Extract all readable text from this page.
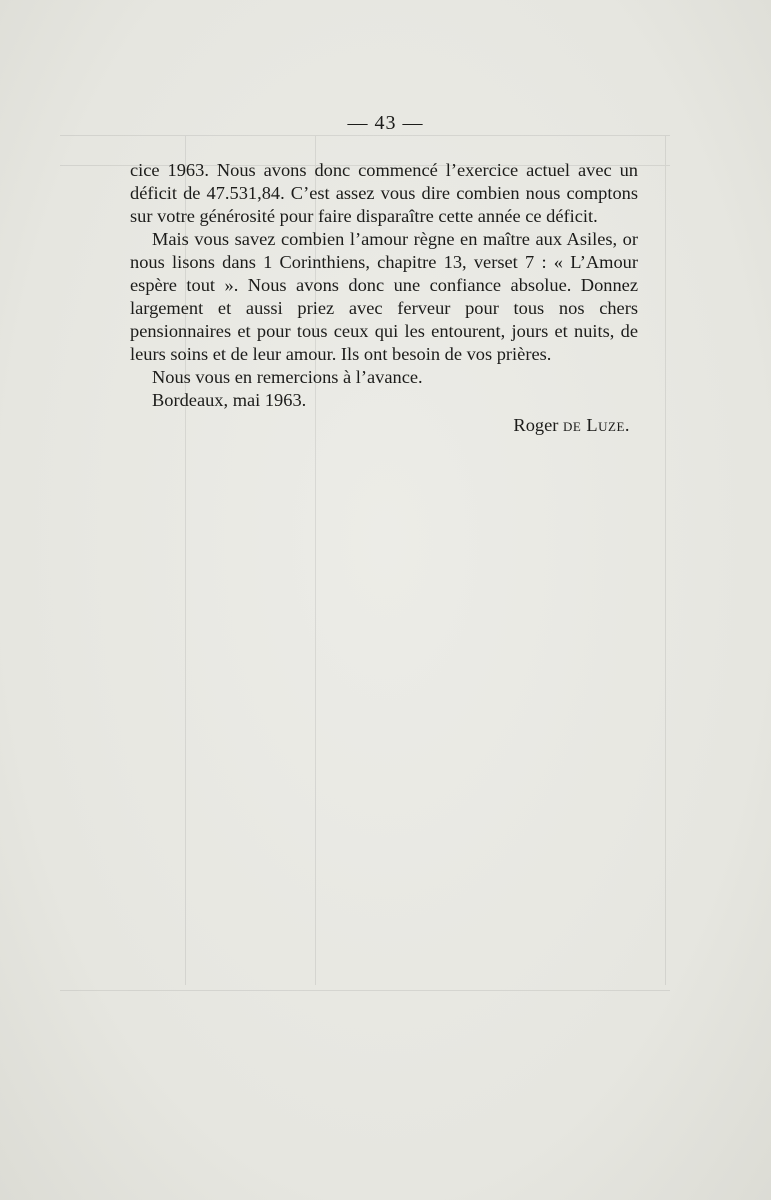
— 43 —

cice 1963. Nous avons donc commencé l’exercice actuel avec un déficit de 47.531,84. C’est assez vous dire combien nous comptons sur votre générosité pour faire disparaître cette année ce déficit.

Mais vous savez combien l’amour règne en maître aux Asiles, or nous lisons dans 1 Corinthiens, chapitre 13, verset 7 : « L’Amour espère tout ». Nous avons donc une confiance absolue. Donnez largement et aussi priez avec ferveur pour tous nos chers pensionnaires et pour tous ceux qui les entourent, jours et nuits, de leurs soins et de leur amour. Ils ont besoin de vos prières.

Nous vous en remercions à l’avance.

Bordeaux, mai 1963.

Roger de Luze.
